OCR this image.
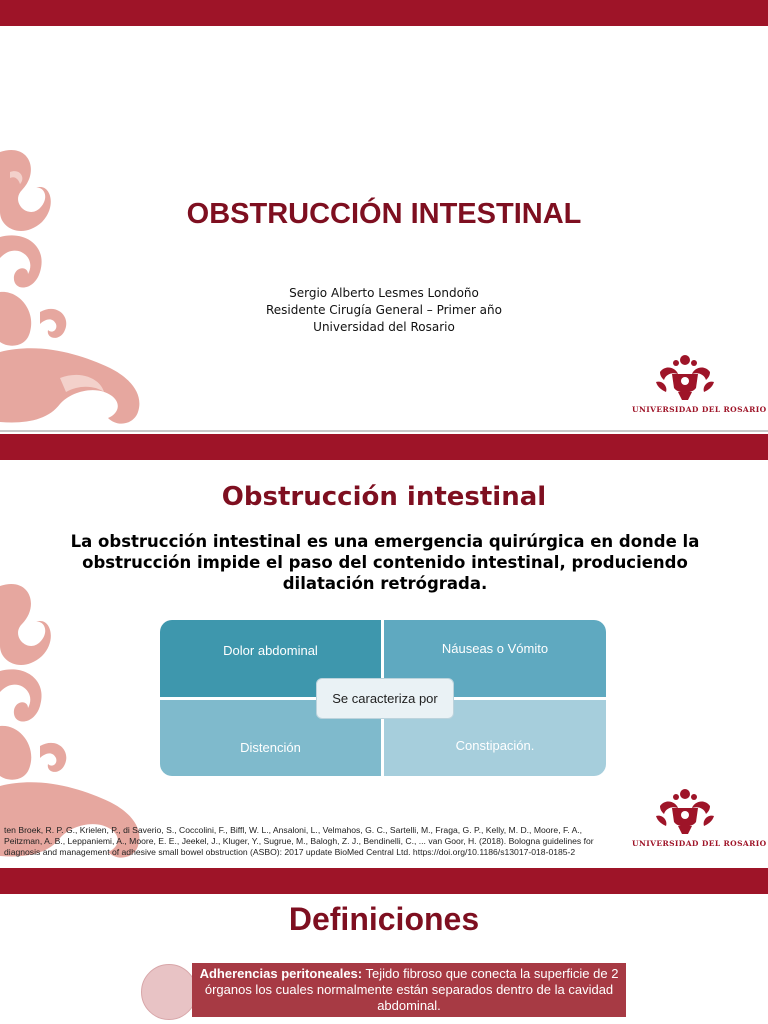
OBSTRUCCIÓN INTESTINAL
Sergio Alberto Lesmes Londoño
Residente Cirugía General – Primer año
Universidad del Rosario
UNIVERSIDAD DEL ROSARIO
Obstrucción intestinal
La obstrucción intestinal es una emergencia quirúrgica en donde la obstrucción impide el paso del contenido intestinal, produciendo dilatación retrógrada.
Dolor abdominal	Náuseas o Vómito
Distención	Constipación.
Se caracteriza por
ten Broek, R. P. G., Krielen, P., di Saverio, S., Coccolini, F., Biffl, W. L., Ansaloni, L., Velmahos, G. C., Sartelli, M., Fraga, G. P., Kelly, M. D., Moore, F. A., Peitzman, A. B., Leppaniemi, A., Moore, E. E., Jeekel, J., Kluger, Y., Sugrue, M., Balogh, Z. J., Bendinelli, C., ... van Goor, H. (2018). Bologna guidelines for diagnosis and management of adhesive small bowel obstruction (ASBO): 2017 update BioMed Central Ltd. https://doi.org/10.1186/s13017-018-0185-2
UNIVERSIDAD DEL ROSARIO
Definiciones
Adherencias peritoneales: Tejido fibroso que conecta la superficie de 2 órganos los cuales normalmente están separados dentro de la cavidad abdominal.
